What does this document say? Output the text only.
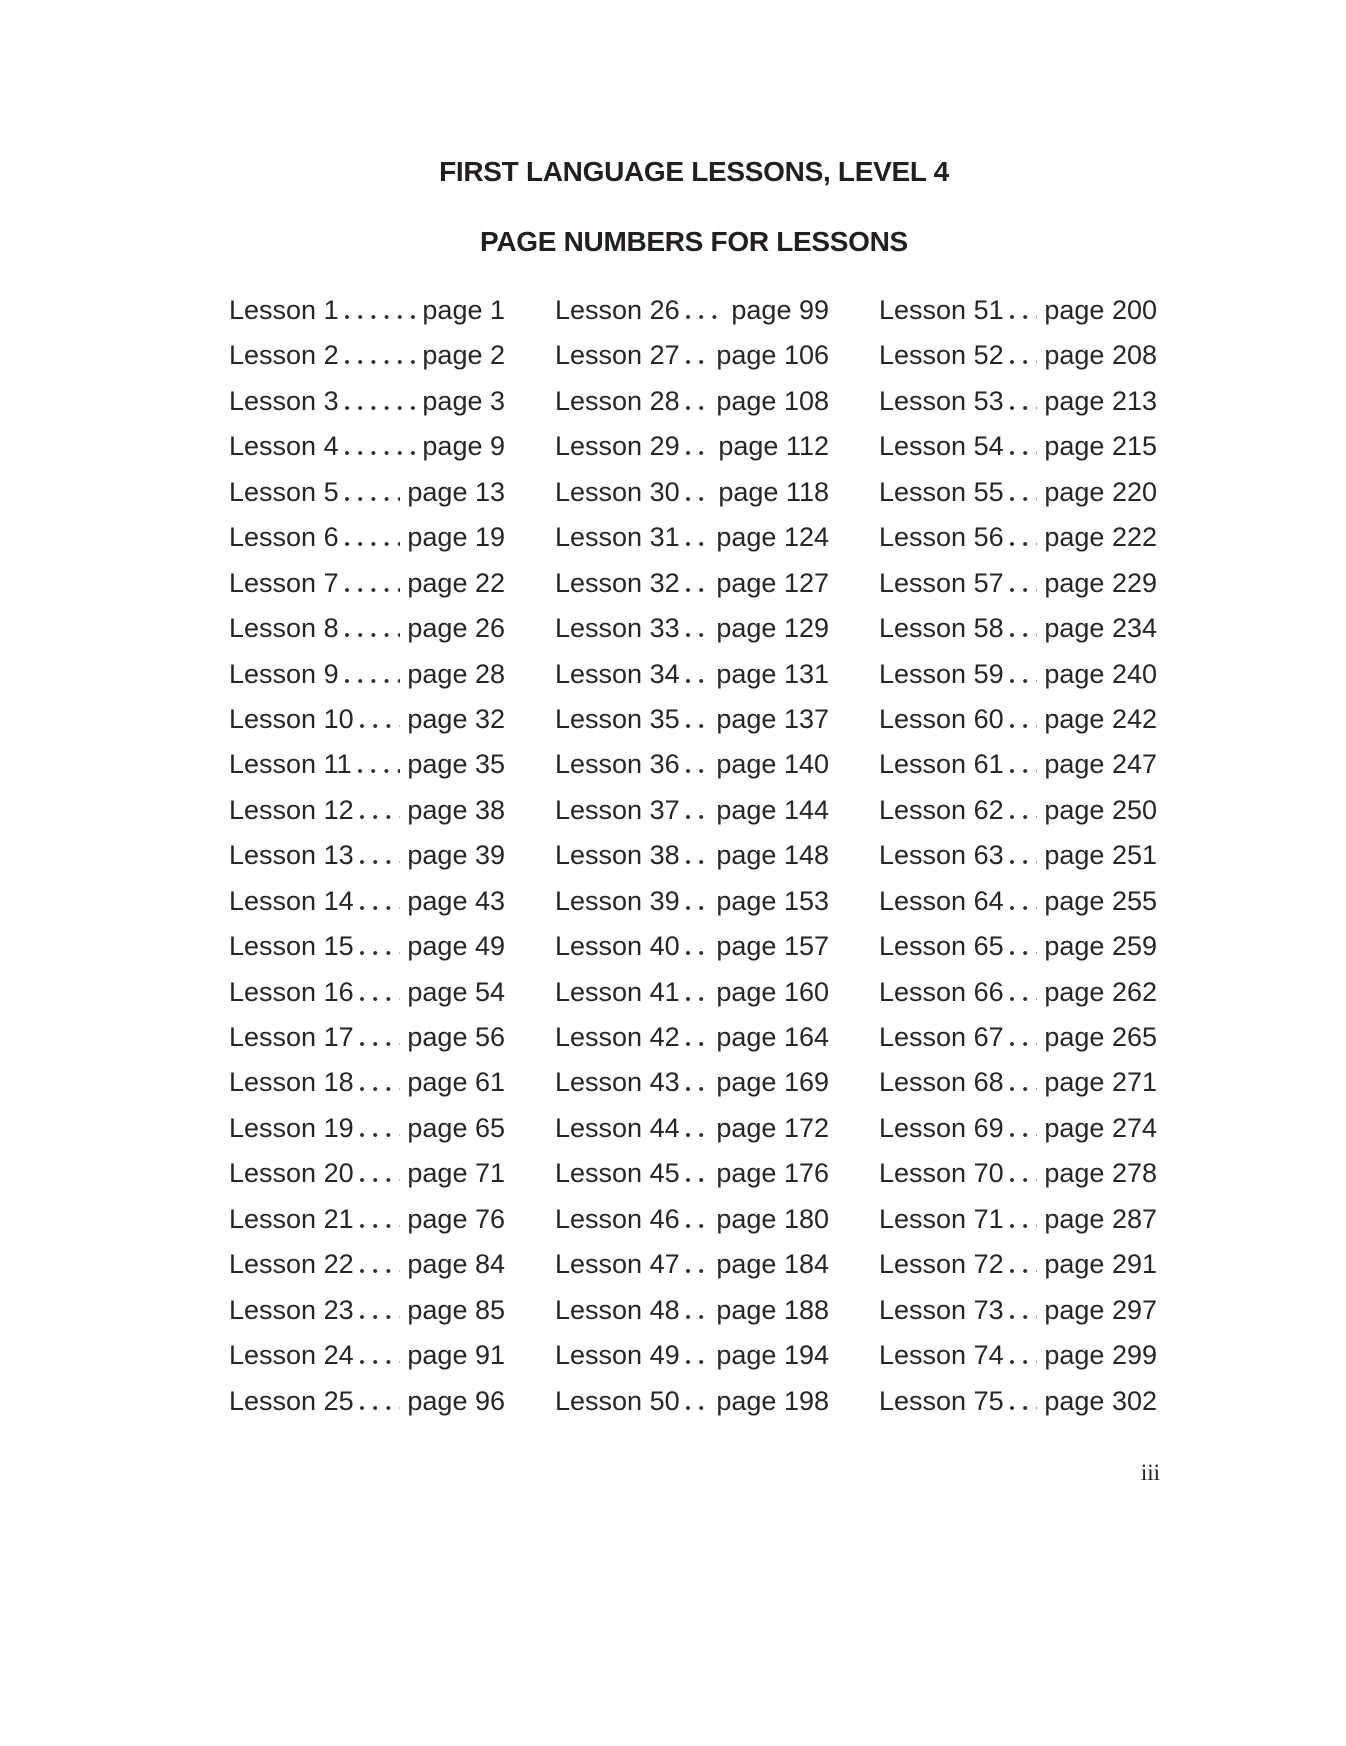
FIRST LANGUAGE LESSONS, LEVEL 4
PAGE NUMBERS FOR LESSONS
Lesson 1	page 1
Lesson 2	page 2
Lesson 3	page 3
Lesson 4	page 9
Lesson 5	page 13
Lesson 6	page 19
Lesson 7	page 22
Lesson 8	page 26
Lesson 9	page 28
Lesson 10 page 32
Lesson 11 page 35
Lesson 12 page 38
Lesson 13 page 39
Lesson 14 page 43
Lesson 15 page 49
Lesson 16 page 54
Lesson 17 page 56
Lesson 18 page 61
Lesson 19 page 65
Lesson 20 page 71
Lesson 21 page 76
Lesson 22 page 84
Lesson 23 page 85
Lesson 24 page 91
Lesson 25 page 96
Lesson 26 page 99
Lesson 27 page 106
Lesson 28 page 108
Lesson 29 page 112
Lesson 30 page 118
Lesson 31 page 124
Lesson 32 page 127
Lesson 33 page 129
Lesson 34 page 131
Lesson 35 page 137
Lesson 36 page 140
Lesson 37 page 144
Lesson 38 page 148
Lesson 39 page 153
Lesson 40 page 157
Lesson 41 page 160
Lesson 42 page 164
Lesson 43 page 169
Lesson 44 page 172
Lesson 45 page 176
Lesson 46 page 180
Lesson 47 page 184
Lesson 48 page 188
Lesson 49 page 194
Lesson 50 page 198
Lesson 51 page 200
Lesson 52 page 208
Lesson 53 page 213
Lesson 54 page 215
Lesson 55 page 220
Lesson 56 page 222
Lesson 57 page 229
Lesson 58 page 234
Lesson 59 page 240
Lesson 60 page 242
Lesson 61 page 247
Lesson 62 page 250
Lesson 63 page 251
Lesson 64 page 255
Lesson 65 page 259
Lesson 66 page 262
Lesson 67 page 265
Lesson 68 page 271
Lesson 69 page 274
Lesson 70 page 278
Lesson 71 page 287
Lesson 72 page 291
Lesson 73 page 297
Lesson 74 page 299
Lesson 75 page 302
iii
